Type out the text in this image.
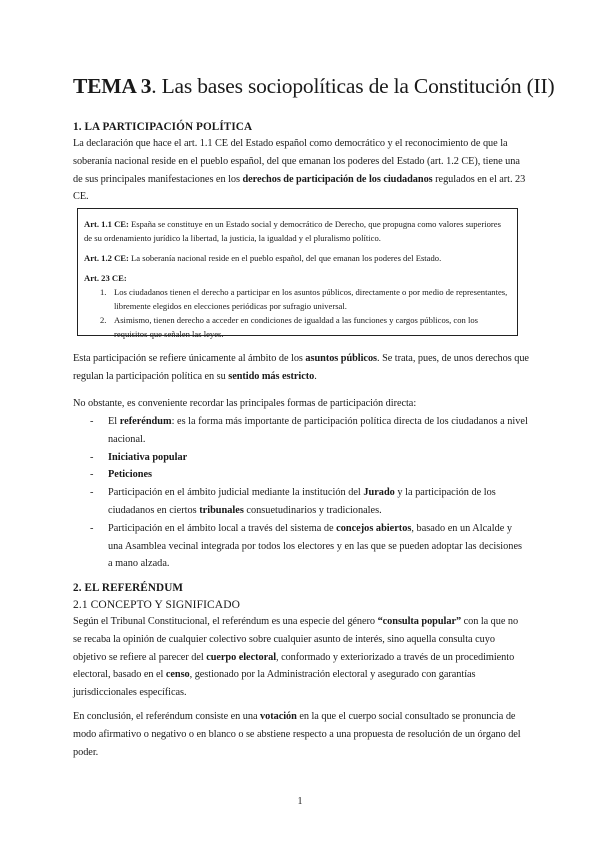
TEMA 3. Las bases sociopolíticas de la Constitución (II)
1. LA PARTICIPACIÓN POLÍTICA
La declaración que hace el art. 1.1 CE del Estado español como democrático y el reconocimiento de que la soberanía nacional reside en el pueblo español, del que emanan los poderes del Estado (art. 1.2 CE), tiene una de sus principales manifestaciones en los derechos de participación de los ciudadanos regulados en el art. 23 CE.

Art. 1.1 CE: España se constituye en un Estado social y democrático de Derecho, que propugna como valores superiores de su ordenamiento jurídico la libertad, la justicia, la igualdad y el pluralismo político.

Art. 1.2 CE: La soberanía nacional reside en el pueblo español, del que emanan los poderes del Estado.

Art. 23 CE:

1. Los ciudadanos tienen el derecho a participar en los asuntos públicos, directamente o por medio de representantes, libremente elegidos en elecciones periódicas por sufragio universal.
2. Asimismo, tienen derecho a acceder en condiciones de igualdad a las funciones y cargos públicos, con los requisitos que señalen las leyes.
Esta participación se refiere únicamente al ámbito de los asuntos públicos. Se trata, pues, de unos derechos que regulan la participación política en su sentido más estricto.
No obstante, es conveniente recordar las principales formas de participación directa:
- El referéndum: es la forma más importante de participación política directa de los ciudadanos a nivel nacional.
- Iniciativa popular
- Peticiones
- Participación en el ámbito judicial mediante la institución del Jurado y la participación de los ciudadanos en ciertos tribunales consuetudinarios y tradicionales.
- Participación en el ámbito local a través del sistema de concejos abiertos, basado en un Alcalde y una Asamblea vecinal integrada por todos los electores y en las que se pueden adoptar las decisiones a mano alzada.
2. EL REFERÉNDUM
2.1 CONCEPTO Y SIGNIFICADO
Según el Tribunal Constitucional, el referéndum es una especie del género “consulta popular” con la que no se recaba la opinión de cualquier colectivo sobre cualquier asunto de interés, sino aquella consulta cuyo objetivo se refiere al parecer del cuerpo electoral, conformado y exteriorizado a través de un procedimiento electoral, basado en el censo, gestionado por la Administración electoral y asegurado con garantías jurisdiccionales específicas.
En conclusión, el referéndum consiste en una votación en la que el cuerpo social consultado se pronuncia de modo afirmativo o negativo o en blanco o se abstiene respecto a una propuesta de resolución de un órgano del poder.
1
